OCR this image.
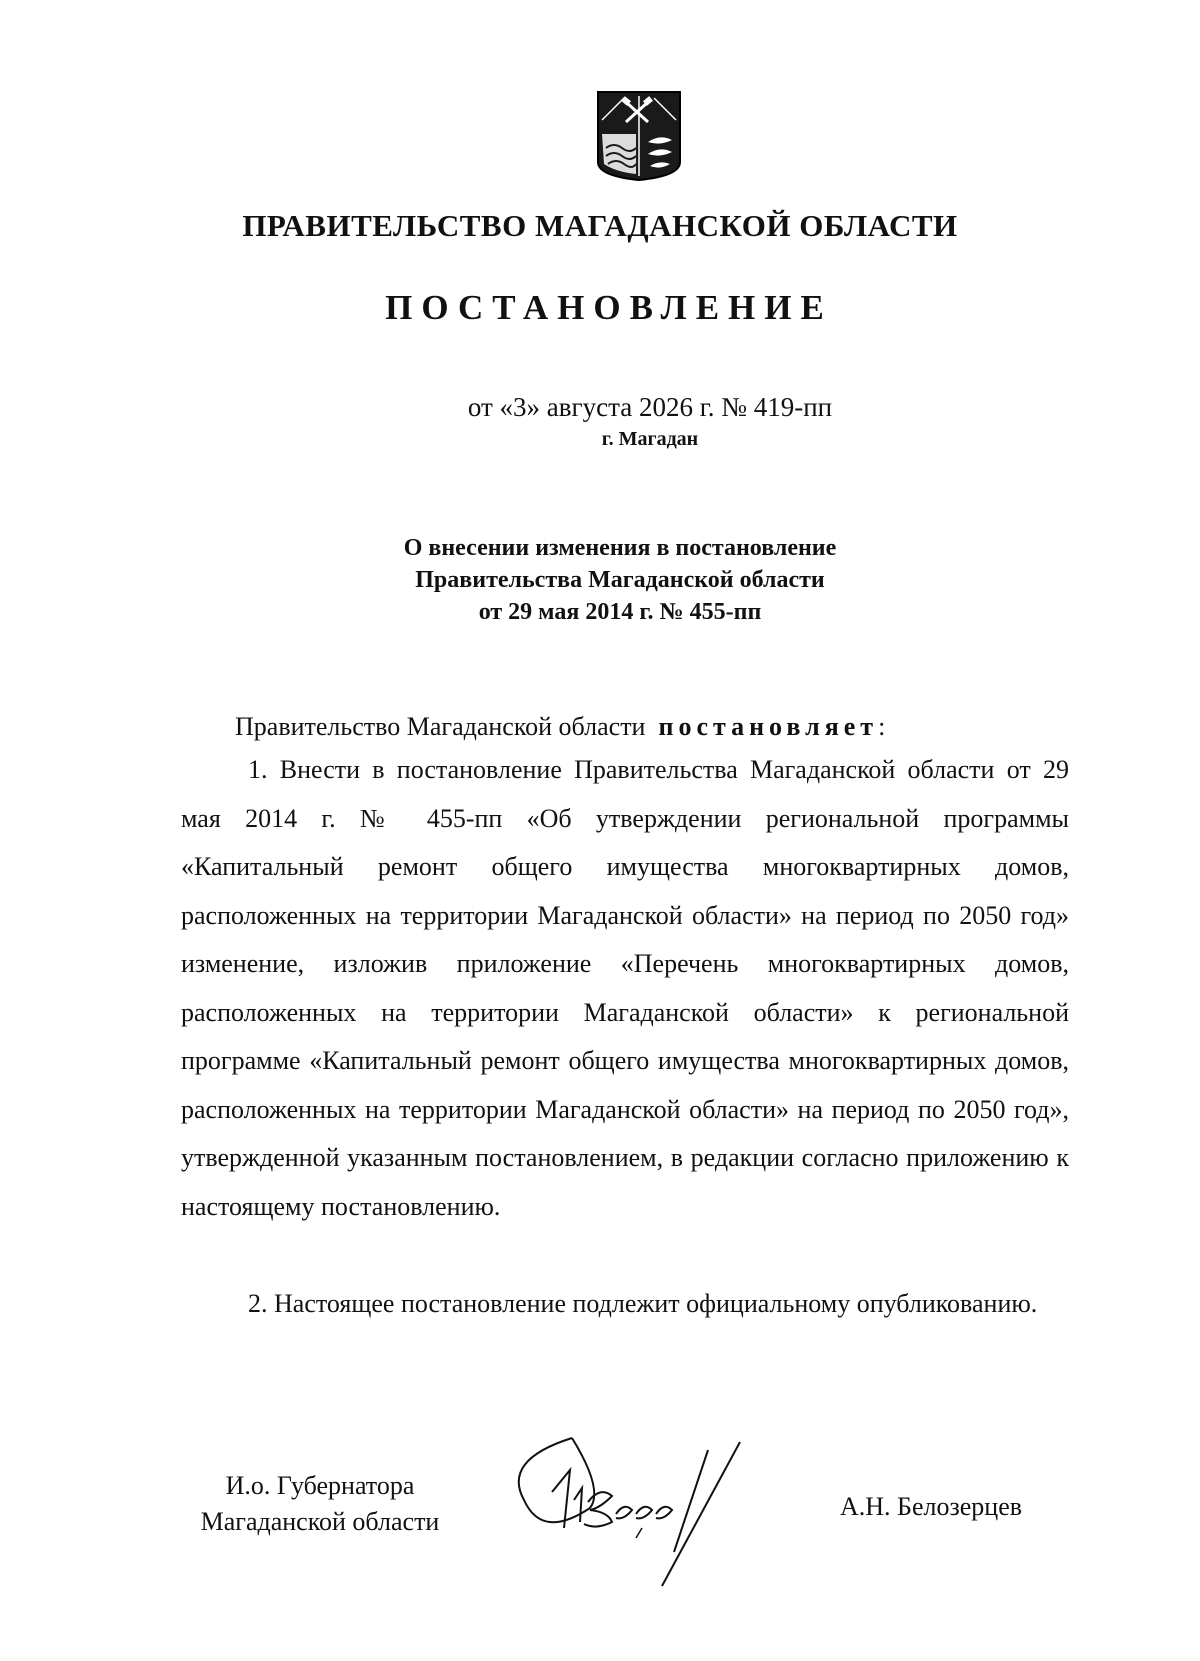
ПРАВИТЕЛЬСТВО МАГАДАНСКОЙ ОБЛАСТИ
ПОСТАНОВЛЕНИЕ
от «3» августа 2026 г. № 419-пп
г. Магадан
О внесении изменения в постановление
Правительства Магаданской области
от 29 мая 2014 г. № 455-пп
Правительство Магаданской области постановляет:

1. Внести в постановление Правительства Магаданской области от 29 мая 2014 г. № 455-пп «Об утверждении региональной программы «Капитальный ремонт общего имущества многоквартирных домов, расположенных на территории Магаданской области» на период по 2050 год» изменение, изложив приложение «Перечень многоквартирных домов, расположенных на территории Магаданской области» к региональной программе «Капитальный ремонт общего имущества многоквартирных домов, расположенных на территории Магаданской области» на период по 2050 год», утвержденной указанным постановлением, в редакции согласно приложению к настоящему постановлению.

2. Настоящее постановление подлежит официальному опубликованию.

И.о. Губернатора
Магаданской области
А.Н. Белозерцев
